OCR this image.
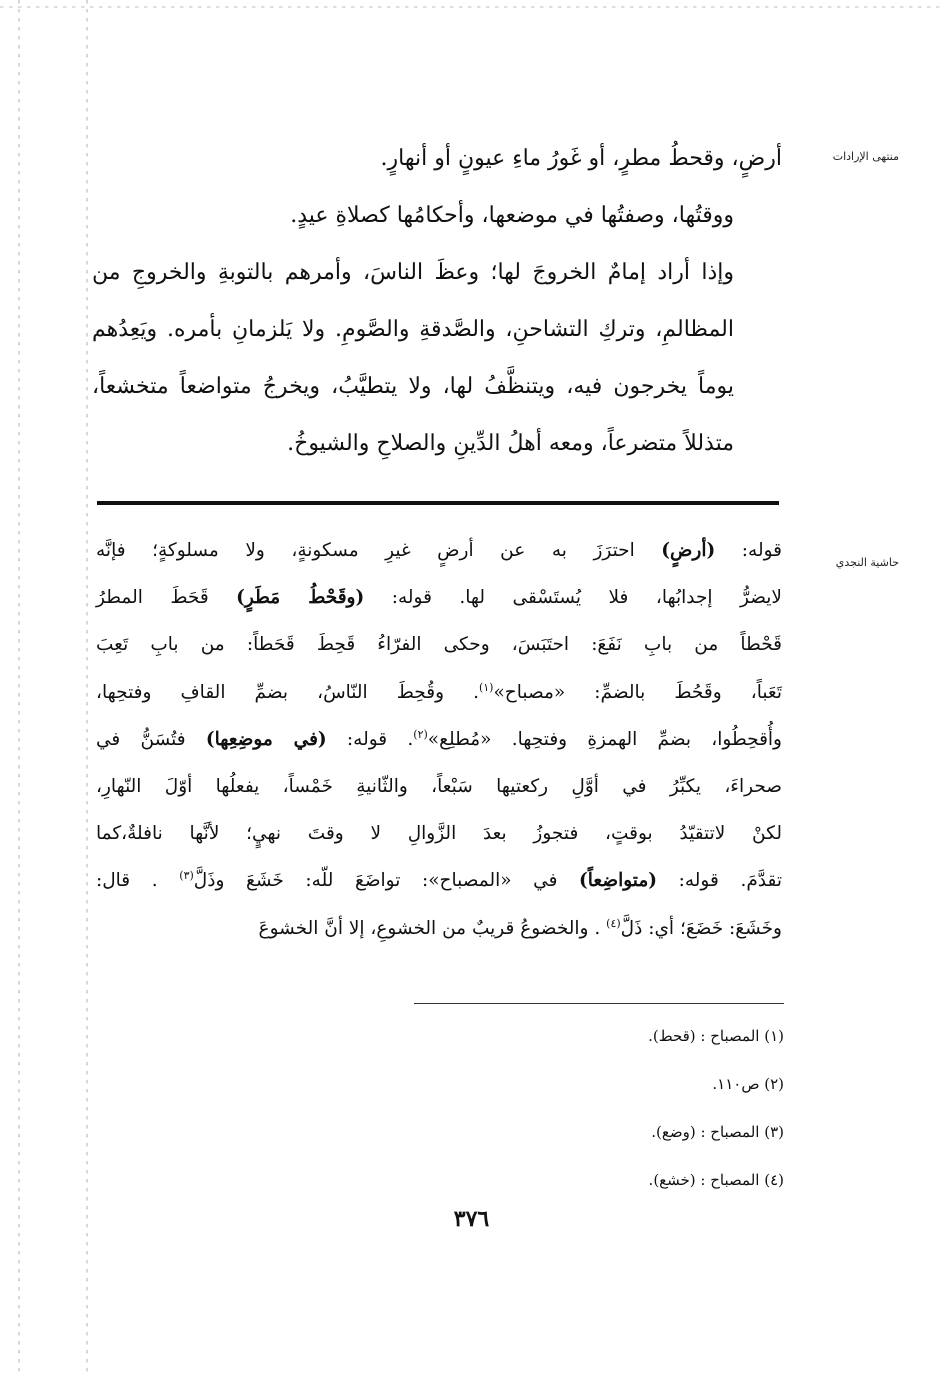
منتهى الإرادات
حاشية النجدي

أرضٍ، وقحطُ مطرٍ، أو غَورُ ماءِ عيونٍ أو أنهارٍ.

ووقتُها، وصفتُها في موضعها، وأحكامُها كصلاةِ عيدٍ.

وإذا أراد إمامٌ الخروجَ لها؛ وعظَ الناسَ، وأمرهم بالتوبةِ والخروجِ من المظالمِ، وتركِ التشاحنِ، والصَّدقةِ والصَّومِ. ولا يَلزمانِ بأمره. ويَعِدُهم يوماً يخرجون فيه، ويتنظَّفُ لها، ولا يتطيَّبُ، ويخرجُ متواضعاً متخشعاً، متذللاً متضرعاً، ومعه أهلُ الدِّينِ والصلاحِ والشيوخُ.

قوله: (أرضٍ) احترَزَ به عن أرضٍ غيرِ مسكونةٍ، ولا مسلوكةٍ؛ فإنَّه

لايضرُّ إجدابُها، فلا يُستَسْقى لها. قوله: (وقَحْطُ مَطَرٍ) قَحَطَ المطرُ

قَحْطاً من بابِ نَفَعَ: احتَبَسَ، وحكى الفرّاءُ قَحِطَ قَحَطاً: من بابِ تَعِبَ

تَعَباً، وقَحُطَ بالضمِّ: «مصباح»$^{(١)}$. وقُحِطَ النّاسُ، بضمِّ القافِ وفتحِها،

وأُقحِطُوا، بضمِّ الهمزةِ وفتحِها. «مُطلِع»$^{(٢)}$. قوله: (في موضِعِها) فتُسَنُّ في

صحراءَ، يكبِّرُ في أوَّلِ ركعتيها سَبْعاً، والثّانيةِ خَمْساً، يفعلُها أوّلَ النّهارِ،

لكنْ لاتتقيّدُ بوقتٍ، فتجوزُ بعدَ الزَّوالِ لا وقتَ نهيٍ؛ لأنَّها نافلةٌ،كما

تقدَّمَ. قوله: (متواضِعاً) في «المصباح»: تواضَعَ للّه: خَشَعَ وذَلَّ$^{(٣)}$ . قال:

وخَشَعَ: خَضَعَ؛ أي: ذَلَّ$^{(٤)}$ . والخضوعُ قريبٌ من الخشوعِ، إلا أنَّ الخشوعَ

(١) المصباح : (قحط).

(٢) ص١١٠.

(٣) المصباح : (وضع).

(٤) المصباح : (خشع).

٣٧٦
